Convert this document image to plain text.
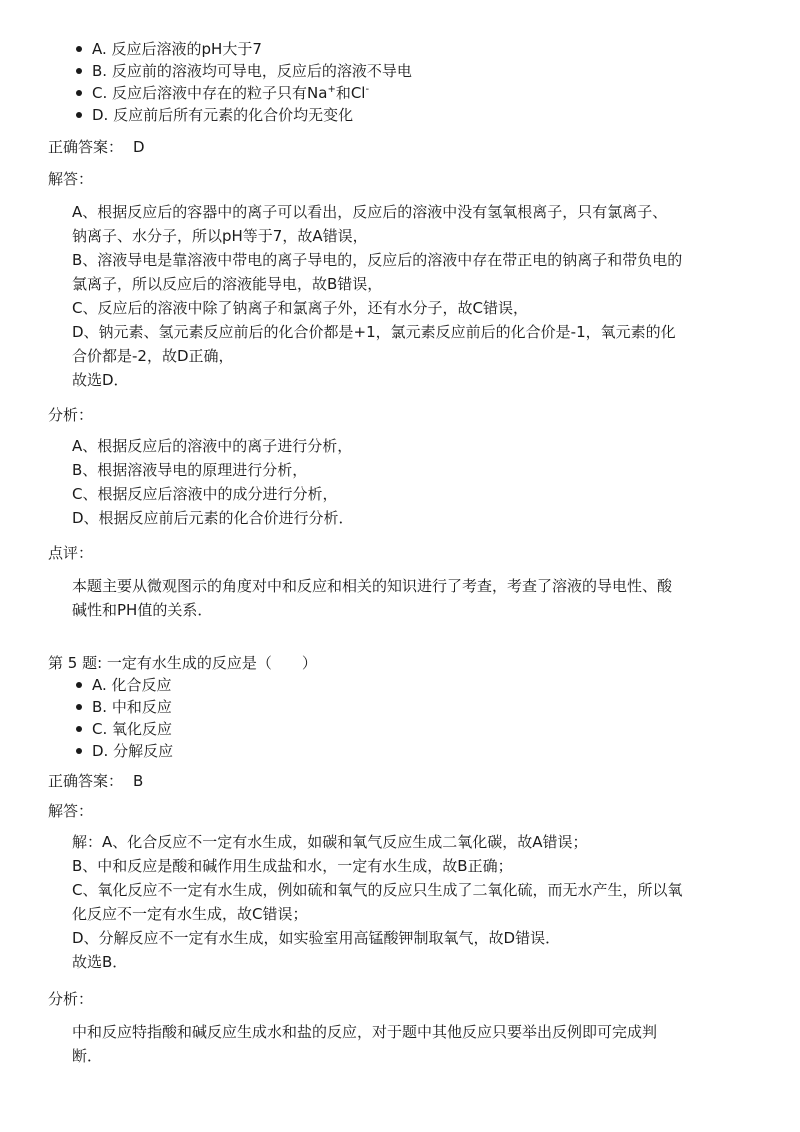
A. 反应后溶液的pH大于7
B. 反应前的溶液均可导电，反应后的溶液不导电
C. 反应后溶液中存在的粒子只有Na+和Cl-
D. 反应前后所有元素的化合价均无变化
正确答案： D
解答：

A、根据反应后的容器中的离子可以看出，反应后的溶液中没有氢氧根离子，只有氯离子、

钠离子、水分子，所以pH等于7，故A错误，

B、溶液导电是靠溶液中带电的离子导电的，反应后的溶液中存在带正电的钠离子和带负电的

氯离子，所以反应后的溶液能导电，故B错误，

C、反应后的溶液中除了钠离子和氯离子外，还有水分子，故C错误，

D、钠元素、氢元素反应前后的化合价都是+1，氯元素反应前后的化合价是-1，氧元素的化

合价都是-2，故D正确，

故选D．

分析：

A、根据反应后的溶液中的离子进行分析，

B、根据溶液导电的原理进行分析，

C、根据反应后溶液中的成分进行分析，

D、根据反应前后元素的化合价进行分析．

点评：

本题主要从微观图示的角度对中和反应和相关的知识进行了考查，考查了溶液的导电性、酸

碱性和PH值的关系．

第 5 题: 一定有水生成的反应是（　　）
A. 化合反应
B. 中和反应
C. 氧化反应
D. 分解反应
正确答案： B
解答：

解：A、化合反应不一定有水生成，如碳和氧气反应生成二氧化碳，故A错误；

B、中和反应是酸和碱作用生成盐和水，一定有水生成，故B正确；

C、氧化反应不一定有水生成，例如硫和氧气的反应只生成了二氧化硫，而无水产生，所以氧

化反应不一定有水生成，故C错误；

D、分解反应不一定有水生成，如实验室用高锰酸钾制取氧气，故D错误．

故选B．

分析：

中和反应特指酸和碱反应生成水和盐的反应，对于题中其他反应只要举出反例即可完成判

断．
